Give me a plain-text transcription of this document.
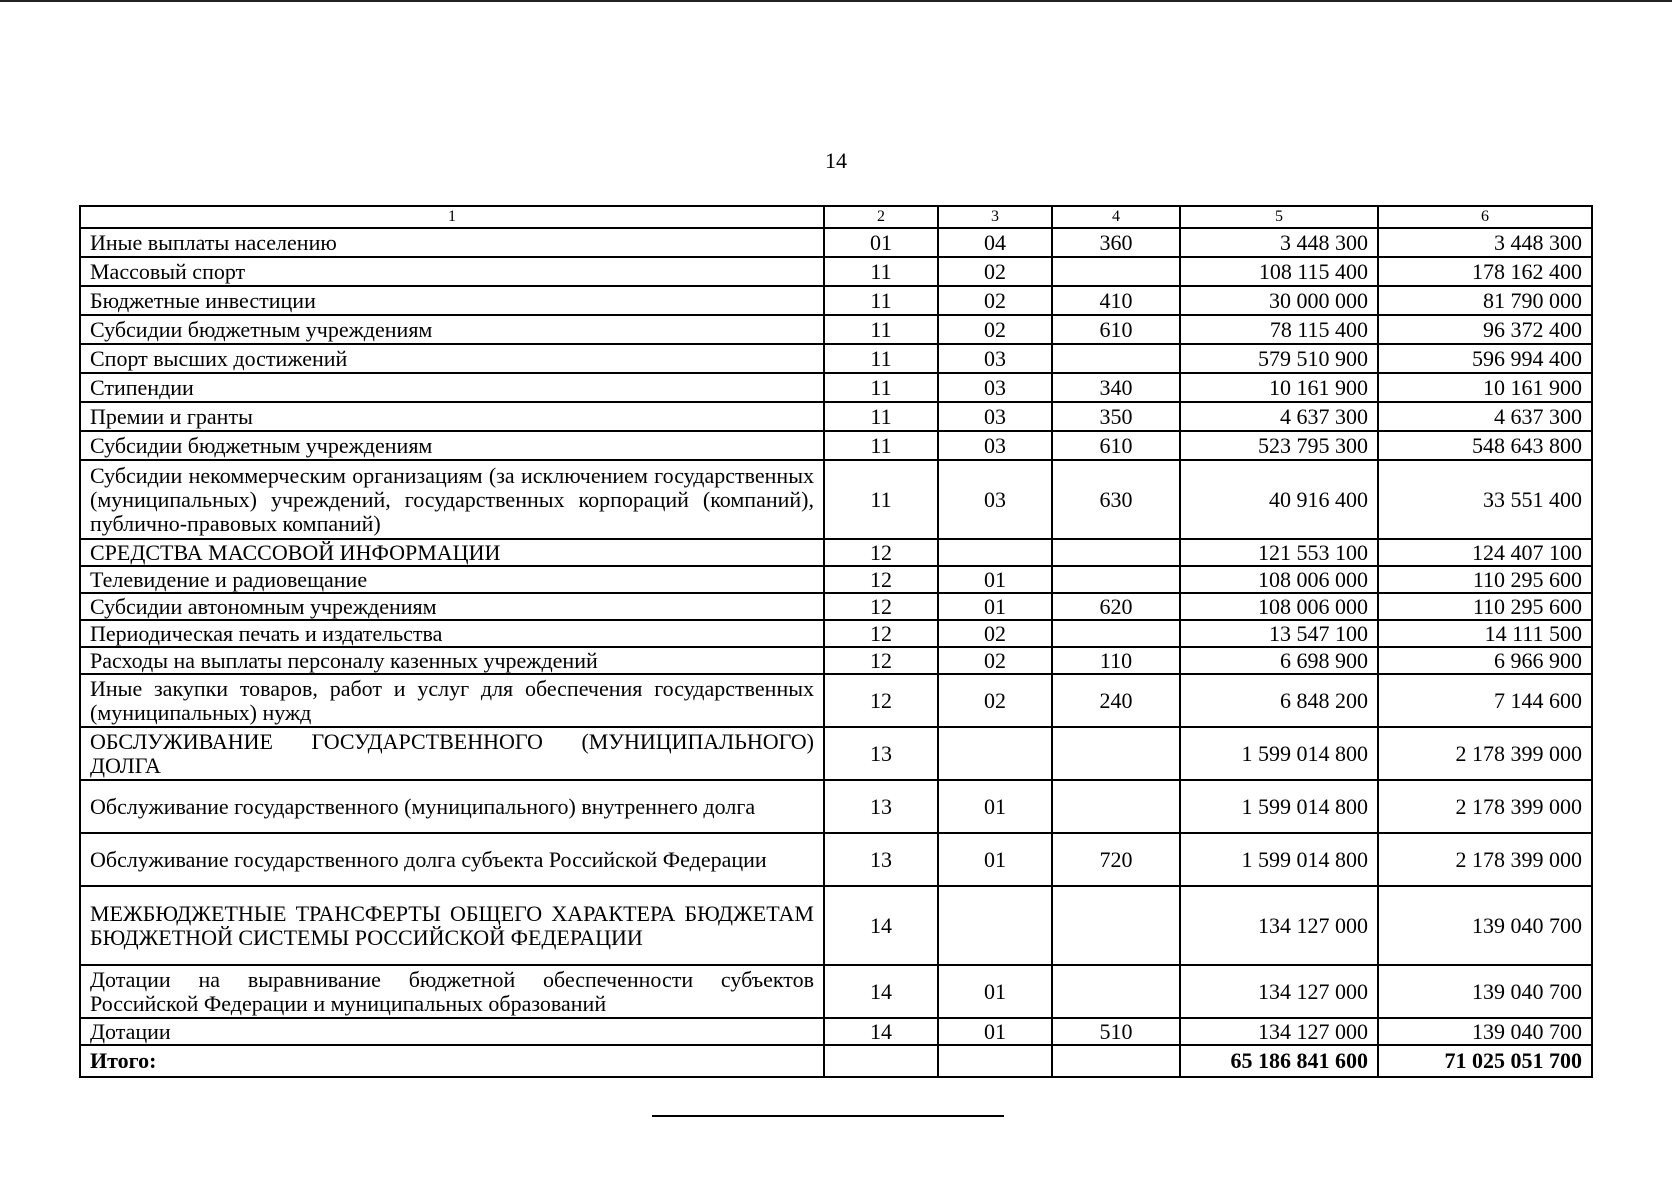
14
1	2	3	4	5	6
Иные выплаты населению	01	04	360	3 448 300	3 448 300
Массовый спорт	11	02		108 115 400	178 162 400
Бюджетные инвестиции	11	02	410	30 000 000	81 790 000
Субсидии бюджетным учреждениям	11	02	610	78 115 400	96 372 400
Спорт высших достижений	11	03		579 510 900	596 994 400
Стипендии	11	03	340	10 161 900	10 161 900
Премии и гранты	11	03	350	4 637 300	4 637 300
Субсидии бюджетным учреждениям	11	03	610	523 795 300	548 643 800
Субсидии некоммерческим организациям (за исключением государственных (муниципальных) учреждений, государственных корпораций (компаний), публично-правовых компаний)	11	03	630	40 916 400	33 551 400
СРЕДСТВА МАССОВОЙ ИНФОРМАЦИИ	12			121 553 100	124 407 100
Телевидение и радиовещание	12	01		108 006 000	110 295 600
Субсидии автономным учреждениям	12	01	620	108 006 000	110 295 600
Периодическая печать и издательства	12	02		13 547 100	14 111 500
Расходы на выплаты персоналу казенных учреждений	12	02	110	6 698 900	6 966 900
Иные закупки товаров, работ и услуг для обеспечения государственных (муниципальных) нужд	12	02	240	6 848 200	7 144 600
ОБСЛУЖИВАНИЕ ГОСУДАРСТВЕННОГО (МУНИЦИПАЛЬНОГО) ДОЛГА	13			1 599 014 800	2 178 399 000
Обслуживание государственного (муниципального) внутреннего долга	13	01		1 599 014 800	2 178 399 000
Обслуживание государственного долга субъекта Российской Федерации	13	01	720	1 599 014 800	2 178 399 000
МЕЖБЮДЖЕТНЫЕ ТРАНСФЕРТЫ ОБЩЕГО ХАРАКТЕРА БЮДЖЕТАМ БЮДЖЕТНОЙ СИСТЕМЫ РОССИЙСКОЙ ФЕДЕРАЦИИ	14			134 127 000	139 040 700
Дотации на выравнивание бюджетной обеспеченности субъектов Российской Федерации и муниципальных образований	14	01		134 127 000	139 040 700
Дотации	14	01	510	134 127 000	139 040 700
Итого:				65 186 841 600	71 025 051 700
